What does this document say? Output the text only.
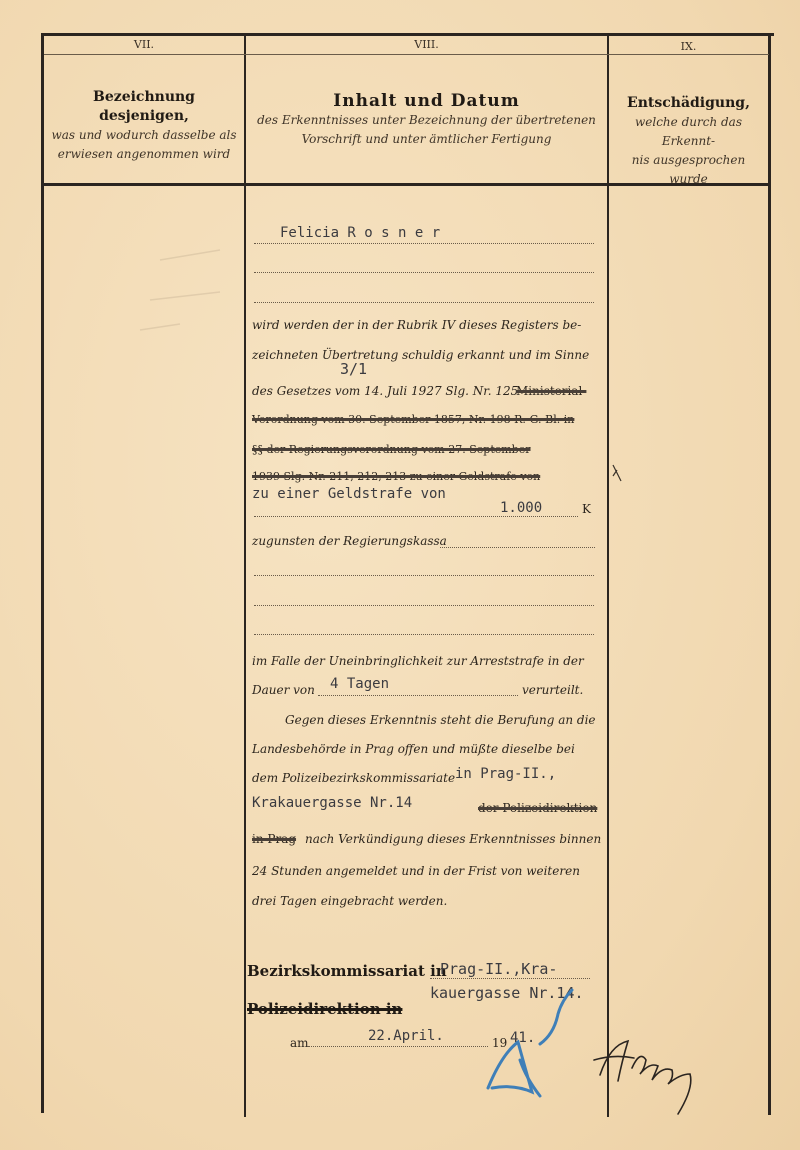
VII.	VIII.	IX.
Bezeichnung desjenigen,
was und wodurch dasselbe als
erwiesen angenommen wird
Inhalt und Datum
des Erkenntnisses unter Bezeichnung der übertretenen
Vorschrift und unter ämtlicher Fertigung
Entschädigung,
welche durch das Erkennt-
nis ausgesprochen wurde
Felicia R o s n e r
wird werden der in der Rubrik IV dieses Registers be-
zeichneten Übertretung schuldig erkannt und im Sinne
3/1
des Gesetzes vom 14. Juli 1927 Slg. Nr. 125
Ministerial-
Verordnung vom 30. September 1857, Nr. 198 R.-G.-Bl. in
§§ der Regierungsverordnung vom 27. September
1939 Slg. Nr. 211, 212, 213 zu einer Geldstrafe von
zu einer Geldstrafe von
1.000	K
zugunsten der Regierungskassa
im Falle der Uneinbringlichkeit zur Arreststrafe in der
Dauer von 4 Tagen	verurteilt.
Gegen dieses Erkenntnis steht die Berufung an die
Landesbehörde in Prag offen und müßte dieselbe bei
dem Polizeibezirkskommissariate in Prag-II.,
Krakauergasse Nr.14	der Polizeidirektion
in Prag nach Verkündigung dieses Erkenntnisses binnen
24 Stunden angemeldet und in der Frist von weiteren
drei Tagen eingebracht werden.
Bezirkskommissariat in
Prag-II.,Kra-
kauergasse Nr.14.
Polizeidirektion in
am	22.April.	19 41.
